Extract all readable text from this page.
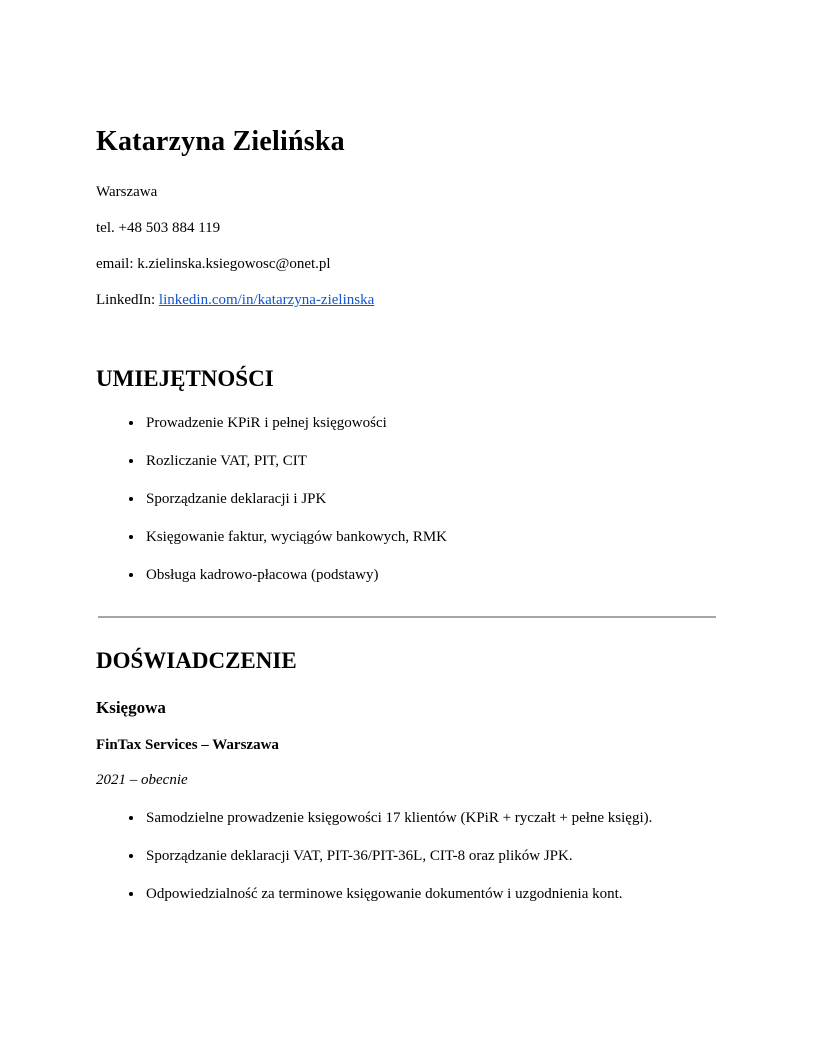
Katarzyna Zielińska

Warszawa

tel. +48 503 884 119

email: k.zielinska.ksiegowosc@onet.pl

LinkedIn: linkedin.com/in/katarzyna-zielinska

UMIEJĘTNOŚCI
• Prowadzenie KPiR i pełnej księgowości
• Rozliczanie VAT, PIT, CIT
• Sporządzanie deklaracji i JPK
• Księgowanie faktur, wyciągów bankowych, RMK
• Obsługa kadrowo-płacowa (podstawy)
DOŚWIADCZENIE
Księgowa

FinTax Services – Warszawa

2021 – obecnie

• Samodzielne prowadzenie księgowości 17 klientów (KPiR + ryczałt + pełne księgi).
• Sporządzanie deklaracji VAT, PIT-36/PIT-36L, CIT-8 oraz plików JPK.
• Odpowiedzialność za terminowe księgowanie dokumentów i uzgodnienia kont.
